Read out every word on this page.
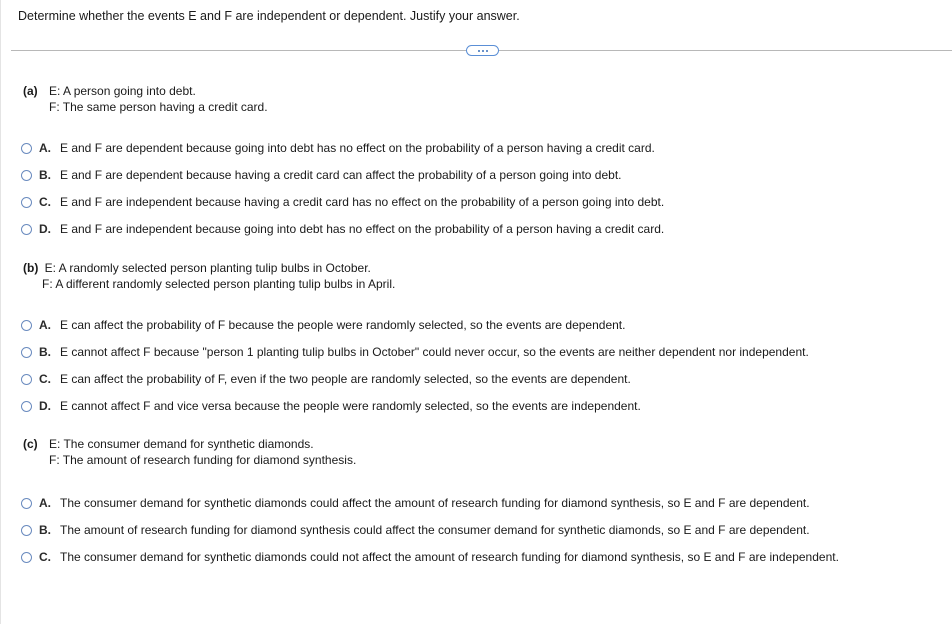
Determine whether the events E and F are independent or dependent. Justify your answer.
(a) E: A person going into debt.
F: The same person having a credit card.
A. E and F are dependent because going into debt has no effect on the probability of a person having a credit card.
B. E and F are dependent because having a credit card can affect the probability of a person going into debt.
C. E and F are independent because having a credit card has no effect on the probability of a person going into debt.
D. E and F are independent because going into debt has no effect on the probability of a person having a credit card.
(b) E: A randomly selected person planting tulip bulbs in October.
F: A different randomly selected person planting tulip bulbs in April.
A. E can affect the probability of F because the people were randomly selected, so the events are dependent.
B. E cannot affect F because "person 1 planting tulip bulbs in October" could never occur, so the events are neither dependent nor independent.
C. E can affect the probability of F, even if the two people are randomly selected, so the events are dependent.
D. E cannot affect F and vice versa because the people were randomly selected, so the events are independent.
(c) E: The consumer demand for synthetic diamonds.
F: The amount of research funding for diamond synthesis.
A. The consumer demand for synthetic diamonds could affect the amount of research funding for diamond synthesis, so E and F are dependent.
B. The amount of research funding for diamond synthesis could affect the consumer demand for synthetic diamonds, so E and F are dependent.
C. The consumer demand for synthetic diamonds could not affect the amount of research funding for diamond synthesis, so E and F are independent.
